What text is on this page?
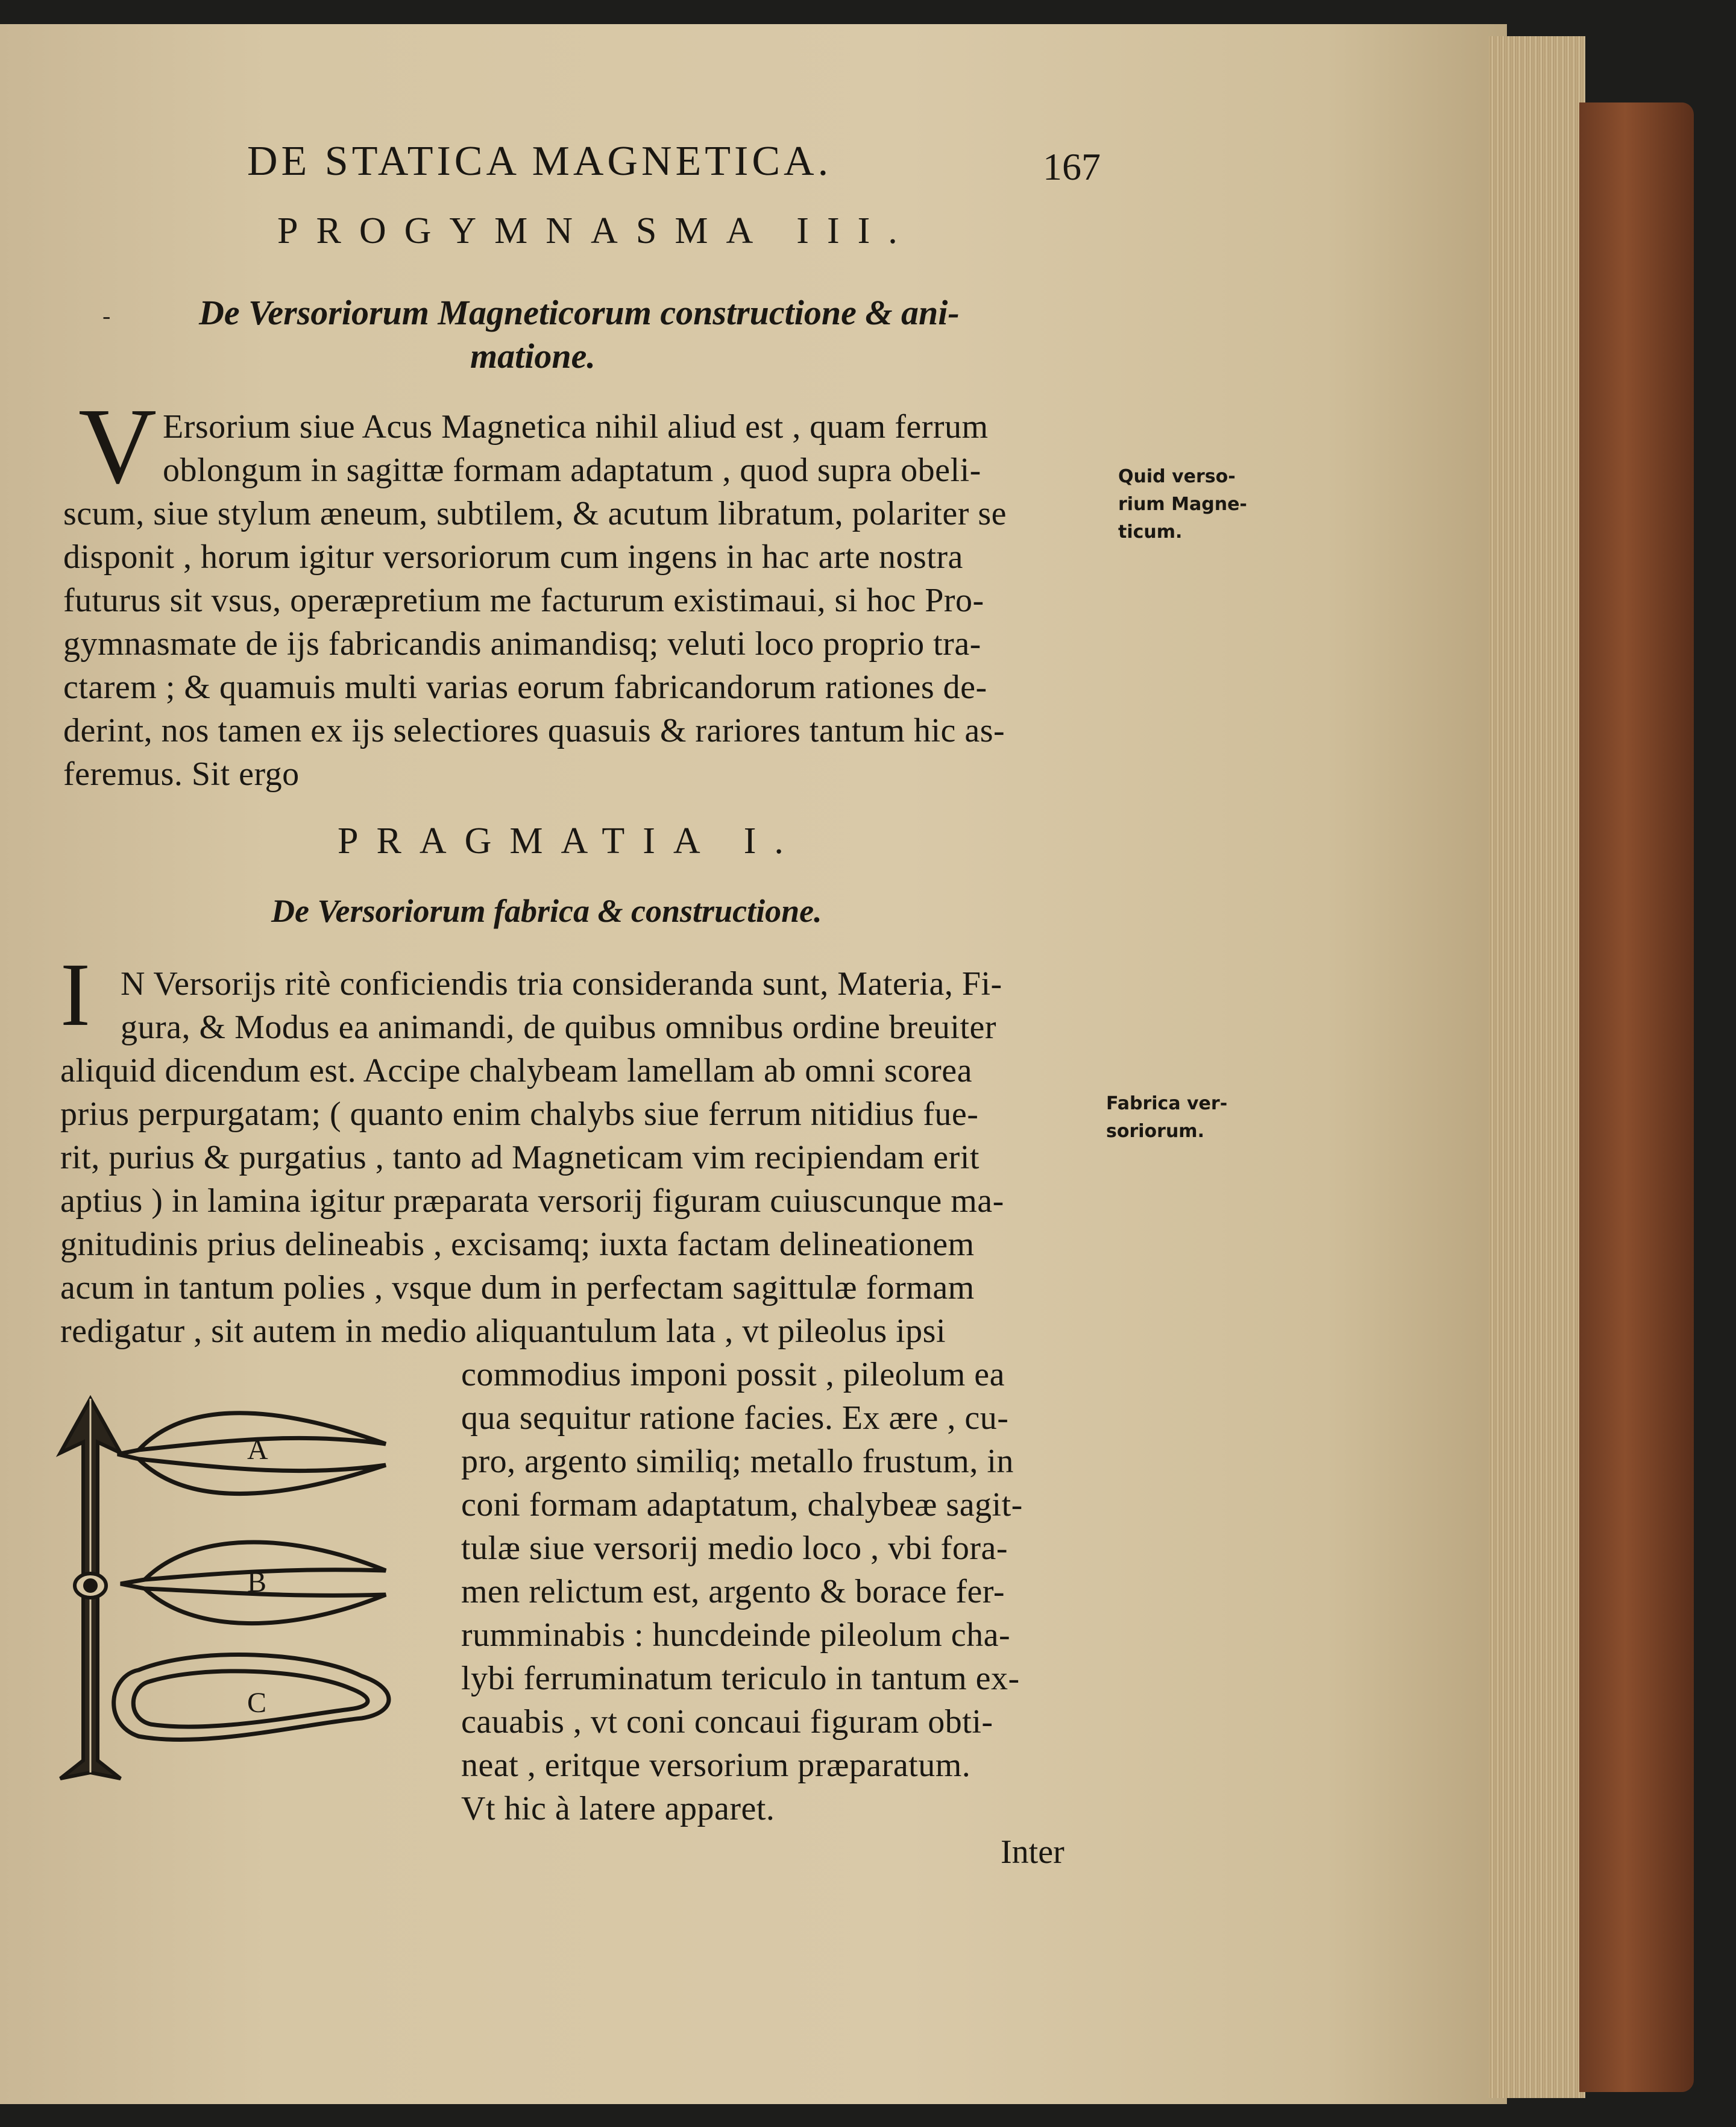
DE STATICA MAGNETICA.	167
PROGYMNASMA III.
-	De Versoriorum Magneticorum constructione & ani-
matione.
V Ersorium siue Acus Magnetica nihil aliud est , quam ferrum
oblongum in sagittæ formam adaptatum , quod supra obeli-
scum, siue stylum æneum, subtilem, & acutum libratum, polariter se
disponit , horum igitur versoriorum cum ingens in hac arte nostra
futurus sit vsus, operæpretium me facturum existimaui, si hoc Pro-
gymnasmate de ijs fabricandis animandisq; veluti loco proprio tra-
ctarem ; & quamuis multi varias eorum fabricandorum rationes de-
derint, nos tamen ex ijs selectiores quasuis & rariores tantum hic as-
feremus. Sit ergo
Quid verso-
rium Magne-
ticum.
PRAGMATIA I.
De Versoriorum fabrica & constructione.
I N Versorijs ritè conficiendis tria consideranda sunt, Materia, Fi-
gura, & Modus ea animandi, de quibus omnibus ordine breuiter
aliquid dicendum est. Accipe chalybeam lamellam ab omni scorea
prius perpurgatam; ( quanto enim chalybs siue ferrum nitidius fue-
rit, purius & purgatius , tanto ad Magneticam vim recipiendam erit
aptius ) in lamina igitur præparata versorij figuram cuiuscunque ma-
gnitudinis prius delineabis , excisamq; iuxta factam delineationem
acum in tantum polies , vsque dum in perfectam sagittulæ formam
redigatur , sit autem in medio aliquantulum lata , vt pileolus ipsi
Fabrica ver-
soriorum.
commodius imponi possit , pileolum ea
qua sequitur ratione facies. Ex ære , cu-
pro, argento similiq; metallo frustum, in
coni formam adaptatum, chalybeæ sagit-
tulæ siue versorij medio loco , vbi fora-
men relictum est, argento & borace fer-
rumminabis : huncdeinde pileolum cha-
lybi ferruminatum tericulo in tantum ex-
cauabis , vt coni concaui figuram obti-
neat , eritque versorium præparatum.
Vt hic à latere apparet.
A
B
C
Inter
